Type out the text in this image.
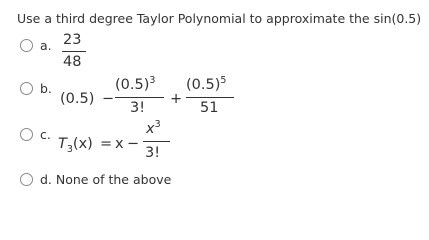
Use a third degree Taylor Polynomial to approximate the sin(0.5)
a. 23
48
b.
(0.5) −
$(0.5)^3$
3!
+
$(0.5)^5$
51
c.
$T_3(x) = x$ −
$x^3$
3!
d. None of the above
